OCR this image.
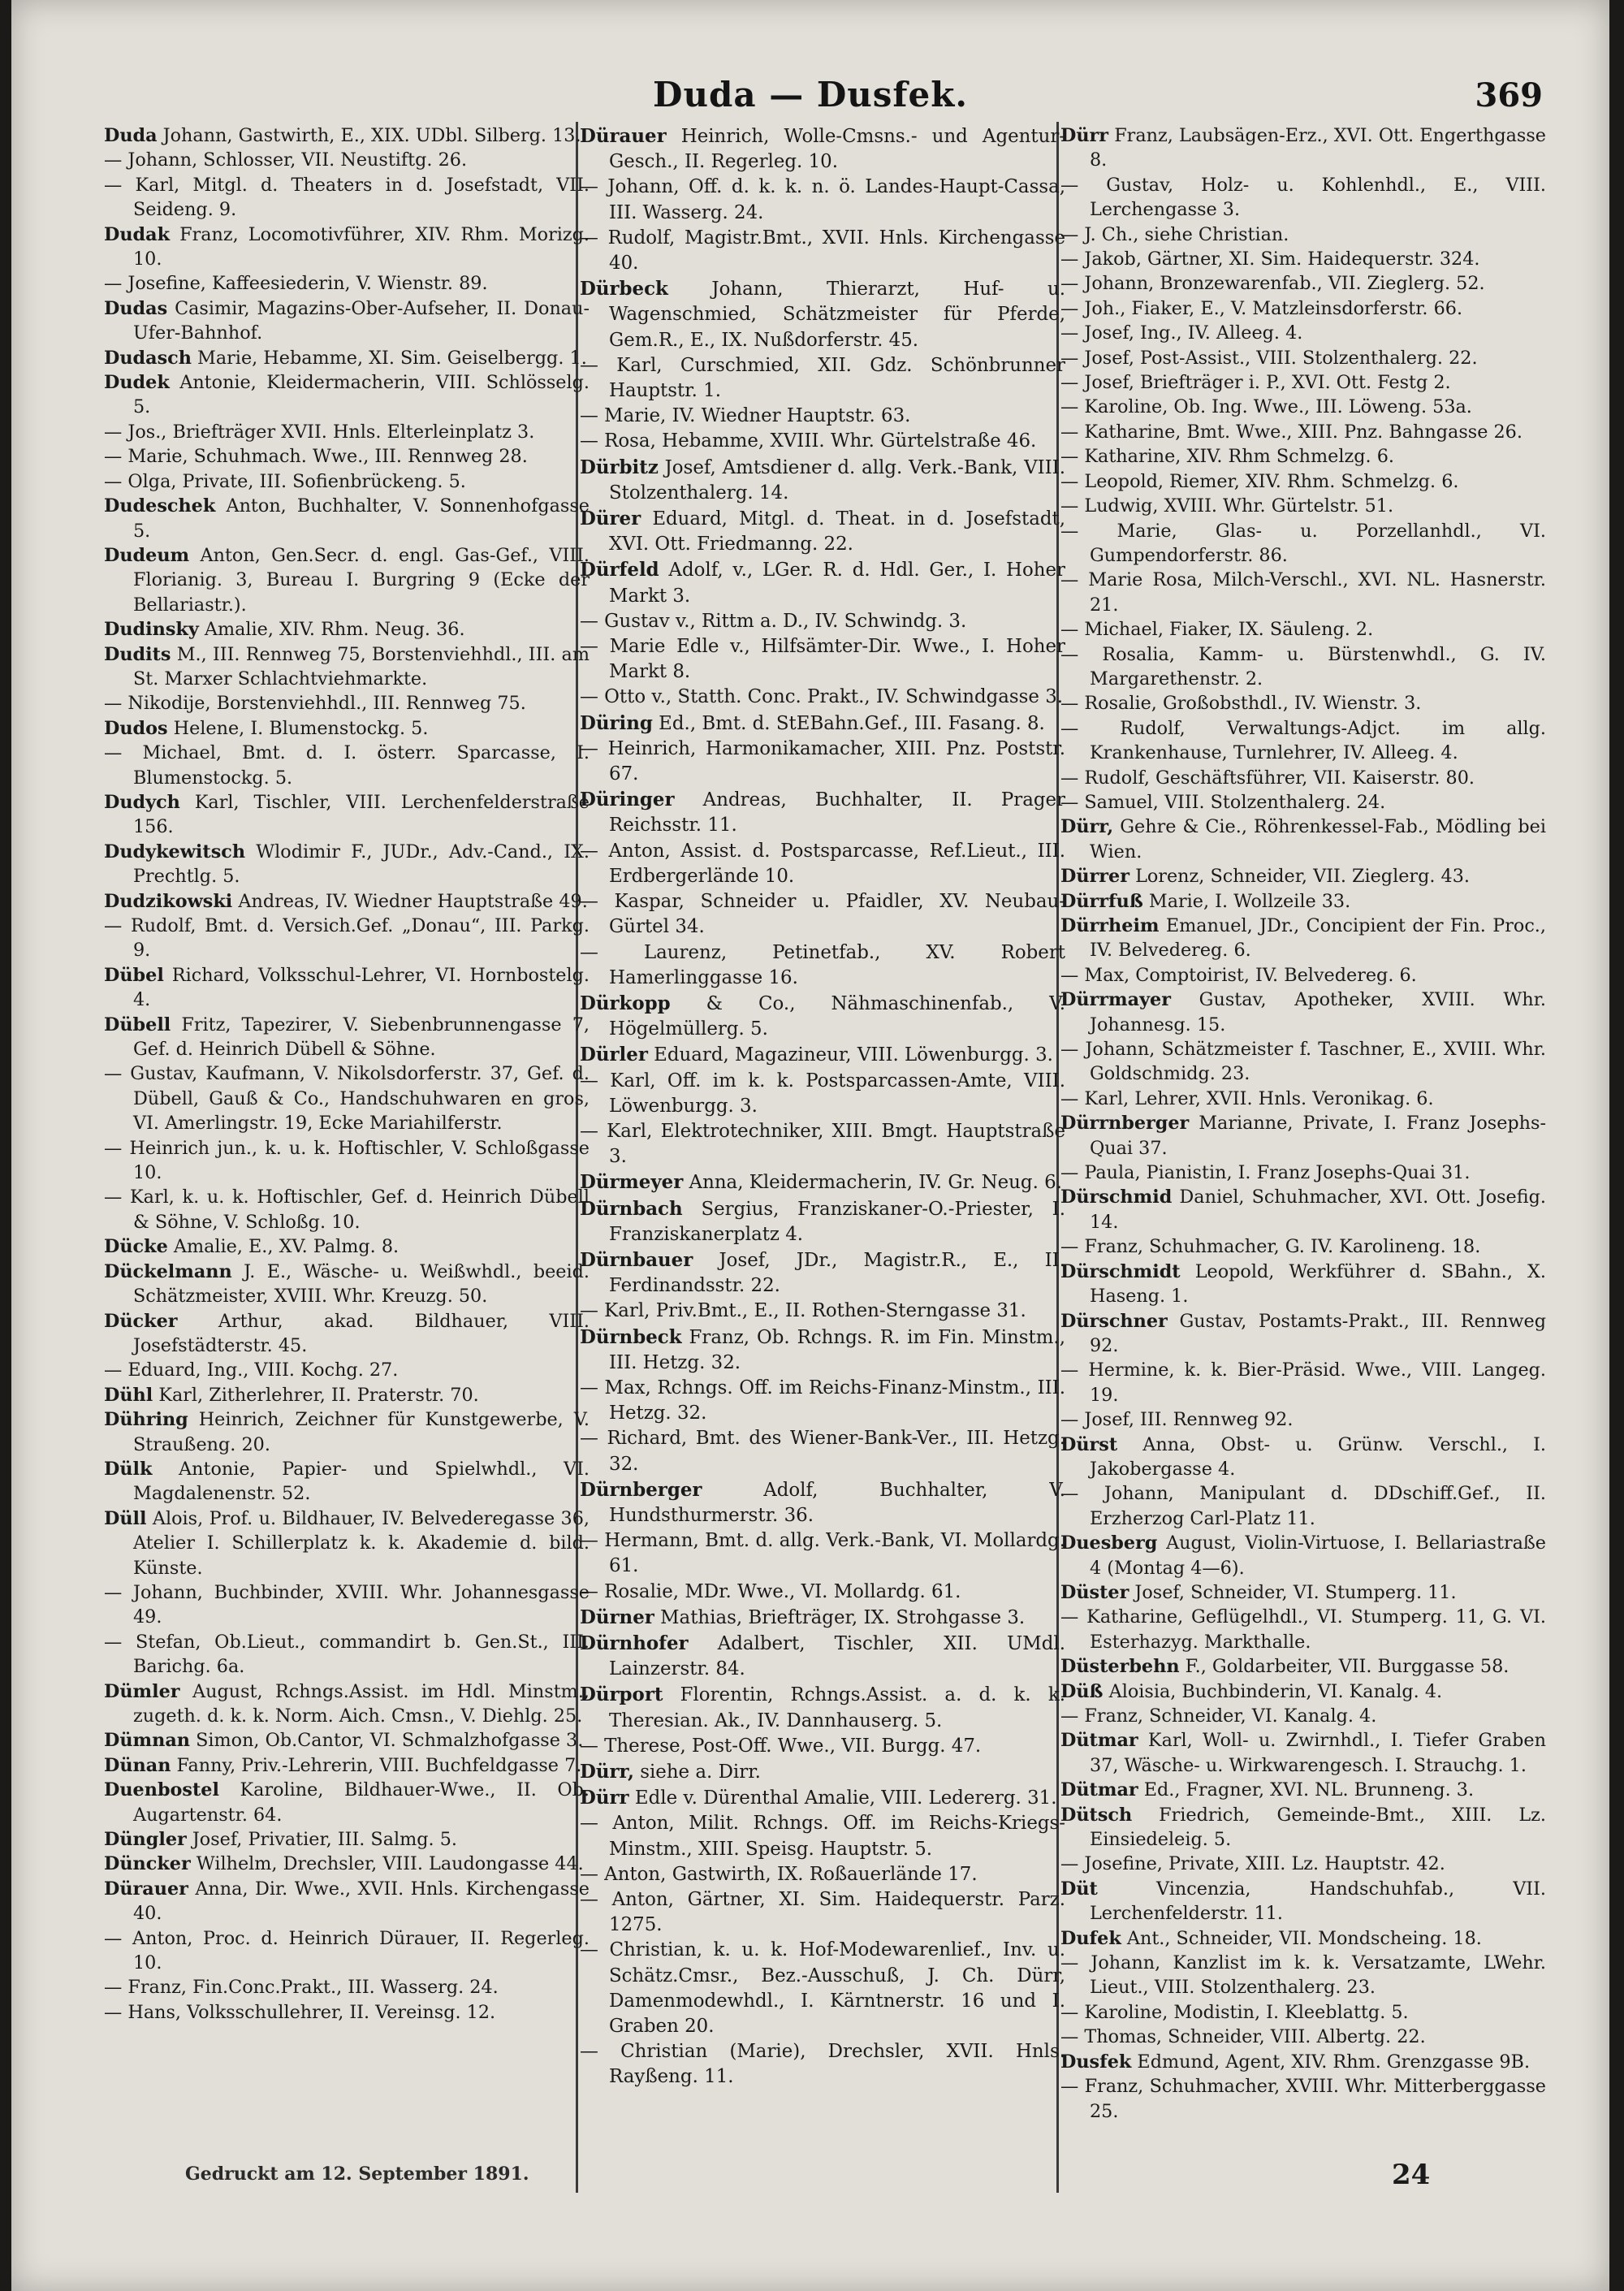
Duda — Dusfek.	369

Duda Johann, Gastwirth, E., XIX. UDbl. Silberg. 13.

— Johann, Schlosser, VII. Neustiftg. 26.

— Karl, Mitgl. d. Theaters in d. Josefstadt, VII. Seideng. 9.

Dudak Franz, Locomotivführer, XIV. Rhm. Morizg. 10.

— Josefine, Kaffeesiederin, V. Wienstr. 89.

Dudas Casimir, Magazins-Ober-Aufseher, II. Donau-Ufer-Bahnhof.

Dudasch Marie, Hebamme, XI. Sim. Geiselbergg. 1.

Dudek Antonie, Kleidermacherin, VIII. Schlösselg. 5.

— Jos., Briefträger XVII. Hnls. Elterleinplatz 3.

— Marie, Schuhmach. Wwe., III. Rennweg 28.

— Olga, Private, III. Sofienbrückeng. 5.

Dudeschek Anton, Buchhalter, V. Sonnenhofgasse 5.

Dudeum Anton, Gen.Secr. d. engl. Gas-Gef., VIII. Florianig. 3, Bureau I. Burgring 9 (Ecke der Bellariastr.).

Dudinsky Amalie, XIV. Rhm. Neug. 36.

Dudits M., III. Rennweg 75, Borstenviehhdl., III. am St. Marxer Schlachtviehmarkte.

— Nikodije, Borstenviehhdl., III. Rennweg 75.

Dudos Helene, I. Blumenstockg. 5.

— Michael, Bmt. d. I. österr. Sparcasse, I. Blumenstockg. 5.

Dudych Karl, Tischler, VIII. Lerchenfelderstraße 156.

Dudykewitsch Wlodimir F., JUDr., Adv.-Cand., IX. Prechtlg. 5.

Dudzikowski Andreas, IV. Wiedner Hauptstraße 49.

— Rudolf, Bmt. d. Versich.Gef. „Donau“, III. Parkg. 9.

Dübel Richard, Volksschul-Lehrer, VI. Hornbostelg. 4.

Dübell Fritz, Tapezirer, V. Siebenbrunnengasse 7, Gef. d. Heinrich Dübell & Söhne.

— Gustav, Kaufmann, V. Nikolsdorferstr. 37, Gef. d. Dübell, Gauß & Co., Handschuhwaren en gros, VI. Amerlingstr. 19, Ecke Mariahilferstr.

— Heinrich jun., k. u. k. Hoftischler, V. Schloßgasse 10.

— Karl, k. u. k. Hoftischler, Gef. d. Heinrich Dübell & Söhne, V. Schloßg. 10.

Dücke Amalie, E., XV. Palmg. 8.

Dückelmann J. E., Wäsche- u. Weißwhdl., beeid. Schätzmeister, XVIII. Whr. Kreuzg. 50.

Dücker Arthur, akad. Bildhauer, VIII. Josefstädterstr. 45.

— Eduard, Ing., VIII. Kochg. 27.

Dühl Karl, Zitherlehrer, II. Praterstr. 70.

Dühring Heinrich, Zeichner für Kunstgewerbe, V. Straußeng. 20.

Dülk Antonie, Papier- und Spielwhdl., VI. Magdalenenstr. 52.

Düll Alois, Prof. u. Bildhauer, IV. Belvederegasse 36, Atelier I. Schillerplatz k. k. Akademie d. bild. Künste.

— Johann, Buchbinder, XVIII. Whr. Johannesgasse 49.

— Stefan, Ob.Lieut., commandirt b. Gen.St., III. Barichg. 6a.

Dümler August, Rchngs.Assist. im Hdl. Minstm., zugeth. d. k. k. Norm. Aich. Cmsn., V. Diehlg. 25.

Dümnan Simon, Ob.Cantor, VI. Schmalzhofgasse 3.

Dünan Fanny, Priv.-Lehrerin, VIII. Buchfeldgasse 7.

Duenbostel Karoline, Bildhauer-Wwe., II. Ob. Augartenstr. 64.

Düngler Josef, Privatier, III. Salmg. 5.

Düncker Wilhelm, Drechsler, VIII. Laudongasse 44.

Dürauer Anna, Dir. Wwe., XVII. Hnls. Kirchengasse 40.

— Anton, Proc. d. Heinrich Dürauer, II. Regerleg. 10.

— Franz, Fin.Conc.Prakt., III. Wasserg. 24.

— Hans, Volksschullehrer, II. Vereinsg. 12.

Dürauer Heinrich, Wolle-Cmsns.- und Agentur-Gesch., II. Regerleg. 10.

— Johann, Off. d. k. k. n. ö. Landes-Haupt-Cassa, III. Wasserg. 24.

— Rudolf, Magistr.Bmt., XVII. Hnls. Kirchengasse 40.

Dürbeck Johann, Thierarzt, Huf- u. Wagenschmied, Schätzmeister für Pferde, Gem.R., E., IX. Nußdorferstr. 45.

— Karl, Curschmied, XII. Gdz. Schönbrunner Hauptstr. 1.

— Marie, IV. Wiedner Hauptstr. 63.

— Rosa, Hebamme, XVIII. Whr. Gürtelstraße 46.

Dürbitz Josef, Amtsdiener d. allg. Verk.-Bank, VIII. Stolzenthalerg. 14.

Dürer Eduard, Mitgl. d. Theat. in d. Josefstadt, XVI. Ott. Friedmanng. 22.

Dürfeld Adolf, v., LGer. R. d. Hdl. Ger., I. Hoher Markt 3.

— Gustav v., Rittm a. D., IV. Schwindg. 3.

— Marie Edle v., Hilfsämter-Dir. Wwe., I. Hoher Markt 8.

— Otto v., Statth. Conc. Prakt., IV. Schwindgasse 3.

Düring Ed., Bmt. d. StEBahn.Gef., III. Fasang. 8.

— Heinrich, Harmonikamacher, XIII. Pnz. Poststr. 67.

Düringer Andreas, Buchhalter, II. Prager Reichsstr. 11.

— Anton, Assist. d. Postsparcasse, Ref.Lieut., III. Erdbergerlände 10.

— Kaspar, Schneider u. Pfaidler, XV. Neubau-Gürtel 34.

— Laurenz, Petinetfab., XV. Robert Hamerlinggasse 16.

Dürkopp & Co., Nähmaschinenfab., V. Högelmüllerg. 5.

Dürler Eduard, Magazineur, VIII. Löwenburgg. 3.

— Karl, Off. im k. k. Postsparcassen-Amte, VIII. Löwenburgg. 3.

— Karl, Elektrotechniker, XIII. Bmgt. Hauptstraße 3.

Dürmeyer Anna, Kleidermacherin, IV. Gr. Neug. 6.

Dürnbach Sergius, Franziskaner-O.-Priester, I. Franziskanerplatz 4.

Dürnbauer Josef, JDr., Magistr.R., E., II. Ferdinandsstr. 22.

— Karl, Priv.Bmt., E., II. Rothen-Sterngasse 31.

Dürnbeck Franz, Ob. Rchngs. R. im Fin. Minstm., III. Hetzg. 32.

— Max, Rchngs. Off. im Reichs-Finanz-Minstm., III. Hetzg. 32.

— Richard, Bmt. des Wiener-Bank-Ver., III. Hetzg. 32.

Dürnberger Adolf, Buchhalter, V. Hundsthurmerstr. 36.

— Hermann, Bmt. d. allg. Verk.-Bank, VI. Mollardg. 61.

— Rosalie, MDr. Wwe., VI. Mollardg. 61.

Dürner Mathias, Briefträger, IX. Strohgasse 3.

Dürnhofer Adalbert, Tischler, XII. UMdl. Lainzerstr. 84.

Dürport Florentin, Rchngs.Assist. a. d. k. k. Theresian. Ak., IV. Dannhauserg. 5.

— Therese, Post-Off. Wwe., VII. Burgg. 47.

Dürr, siehe a. Dirr.

Dürr Edle v. Dürenthal Amalie, VIII. Ledererg. 31.

— Anton, Milit. Rchngs. Off. im Reichs-Kriegs-Minstm., XIII. Speisg. Hauptstr. 5.

— Anton, Gastwirth, IX. Roßauerlände 17.

— Anton, Gärtner, XI. Sim. Haidequerstr. Parz. 1275.

— Christian, k. u. k. Hof-Modewarenlief., Inv. u. Schätz.Cmsr., Bez.-Ausschuß, J. Ch. Dürr, Damenmodewhdl., I. Kärntnerstr. 16 und I. Graben 20.

— Christian (Marie), Drechsler, XVII. Hnls. Rayßeng. 11.

Dürr Franz, Laubsägen-Erz., XVI. Ott. Engerthgasse 8.

— Gustav, Holz- u. Kohlenhdl., E., VIII. Lerchengasse 3.

— J. Ch., siehe Christian.

— Jakob, Gärtner, XI. Sim. Haidequerstr. 324.

— Johann, Bronzewarenfab., VII. Zieglerg. 52.

— Joh., Fiaker, E., V. Matzleinsdorferstr. 66.

— Josef, Ing., IV. Alleeg. 4.

— Josef, Post-Assist., VIII. Stolzenthalerg. 22.

— Josef, Briefträger i. P., XVI. Ott. Festg 2.

— Karoline, Ob. Ing. Wwe., III. Löweng. 53a.

— Katharine, Bmt. Wwe., XIII. Pnz. Bahngasse 26.

— Katharine, XIV. Rhm Schmelzg. 6.

— Leopold, Riemer, XIV. Rhm. Schmelzg. 6.

— Ludwig, XVIII. Whr. Gürtelstr. 51.

— Marie, Glas- u. Porzellanhdl., VI. Gumpendorferstr. 86.

— Marie Rosa, Milch-Verschl., XVI. NL. Hasnerstr. 21.

— Michael, Fiaker, IX. Säuleng. 2.

— Rosalia, Kamm- u. Bürstenwhdl., G. IV. Margarethenstr. 2.

— Rosalie, Großobsthdl., IV. Wienstr. 3.

— Rudolf, Verwaltungs-Adjct. im allg. Krankenhause, Turnlehrer, IV. Alleeg. 4.

— Rudolf, Geschäftsführer, VII. Kaiserstr. 80.

— Samuel, VIII. Stolzenthalerg. 24.

Dürr, Gehre & Cie., Röhrenkessel-Fab., Mödling bei Wien.

Dürrer Lorenz, Schneider, VII. Zieglerg. 43.

Dürrfuß Marie, I. Wollzeile 33.

Dürrheim Emanuel, JDr., Concipient der Fin. Proc., IV. Belvedereg. 6.

— Max, Comptoirist, IV. Belvedereg. 6.

Dürrmayer Gustav, Apotheker, XVIII. Whr. Johannesg. 15.

— Johann, Schätzmeister f. Taschner, E., XVIII. Whr. Goldschmidg. 23.

— Karl, Lehrer, XVII. Hnls. Veronikag. 6.

Dürrnberger Marianne, Private, I. Franz Josephs-Quai 37.

— Paula, Pianistin, I. Franz Josephs-Quai 31.

Dürschmid Daniel, Schuhmacher, XVI. Ott. Josefig. 14.

— Franz, Schuhmacher, G. IV. Karolineng. 18.

Dürschmidt Leopold, Werkführer d. SBahn., X. Haseng. 1.

Dürschner Gustav, Postamts-Prakt., III. Rennweg 92.

— Hermine, k. k. Bier-Präsid. Wwe., VIII. Langeg. 19.

— Josef, III. Rennweg 92.

Dürst Anna, Obst- u. Grünw. Verschl., I. Jakobergasse 4.

— Johann, Manipulant d. DDschiff.Gef., II. Erzherzog Carl-Platz 11.

Duesberg August, Violin-Virtuose, I. Bellariastraße 4 (Montag 4—6).

Düster Josef, Schneider, VI. Stumperg. 11.

— Katharine, Geflügelhdl., VI. Stumperg. 11, G. VI. Esterhazyg. Markthalle.

Düsterbehn F., Goldarbeiter, VII. Burggasse 58.

Düß Aloisia, Buchbinderin, VI. Kanalg. 4.

— Franz, Schneider, VI. Kanalg. 4.

Dütmar Karl, Woll- u. Zwirnhdl., I. Tiefer Graben 37, Wäsche- u. Wirkwarengesch. I. Strauchg. 1.

Dütmar Ed., Fragner, XVI. NL. Brunneng. 3.

Dütsch Friedrich, Gemeinde-Bmt., XIII. Lz. Einsiedeleig. 5.

— Josefine, Private, XIII. Lz. Hauptstr. 42.

Düt Vincenzia, Handschuhfab., VII. Lerchenfelderstr. 11.

Dufek Ant., Schneider, VII. Mondscheing. 18.

— Johann, Kanzlist im k. k. Versatzamte, LWehr. Lieut., VIII. Stolzenthalerg. 23.

— Karoline, Modistin, I. Kleeblattg. 5.

— Thomas, Schneider, VIII. Albertg. 22.

Dusfek Edmund, Agent, XIV. Rhm. Grenzgasse 9B.

— Franz, Schuhmacher, XVIII. Whr. Mitterberggasse 25.

Gedruckt am 12. September 1891.	24
